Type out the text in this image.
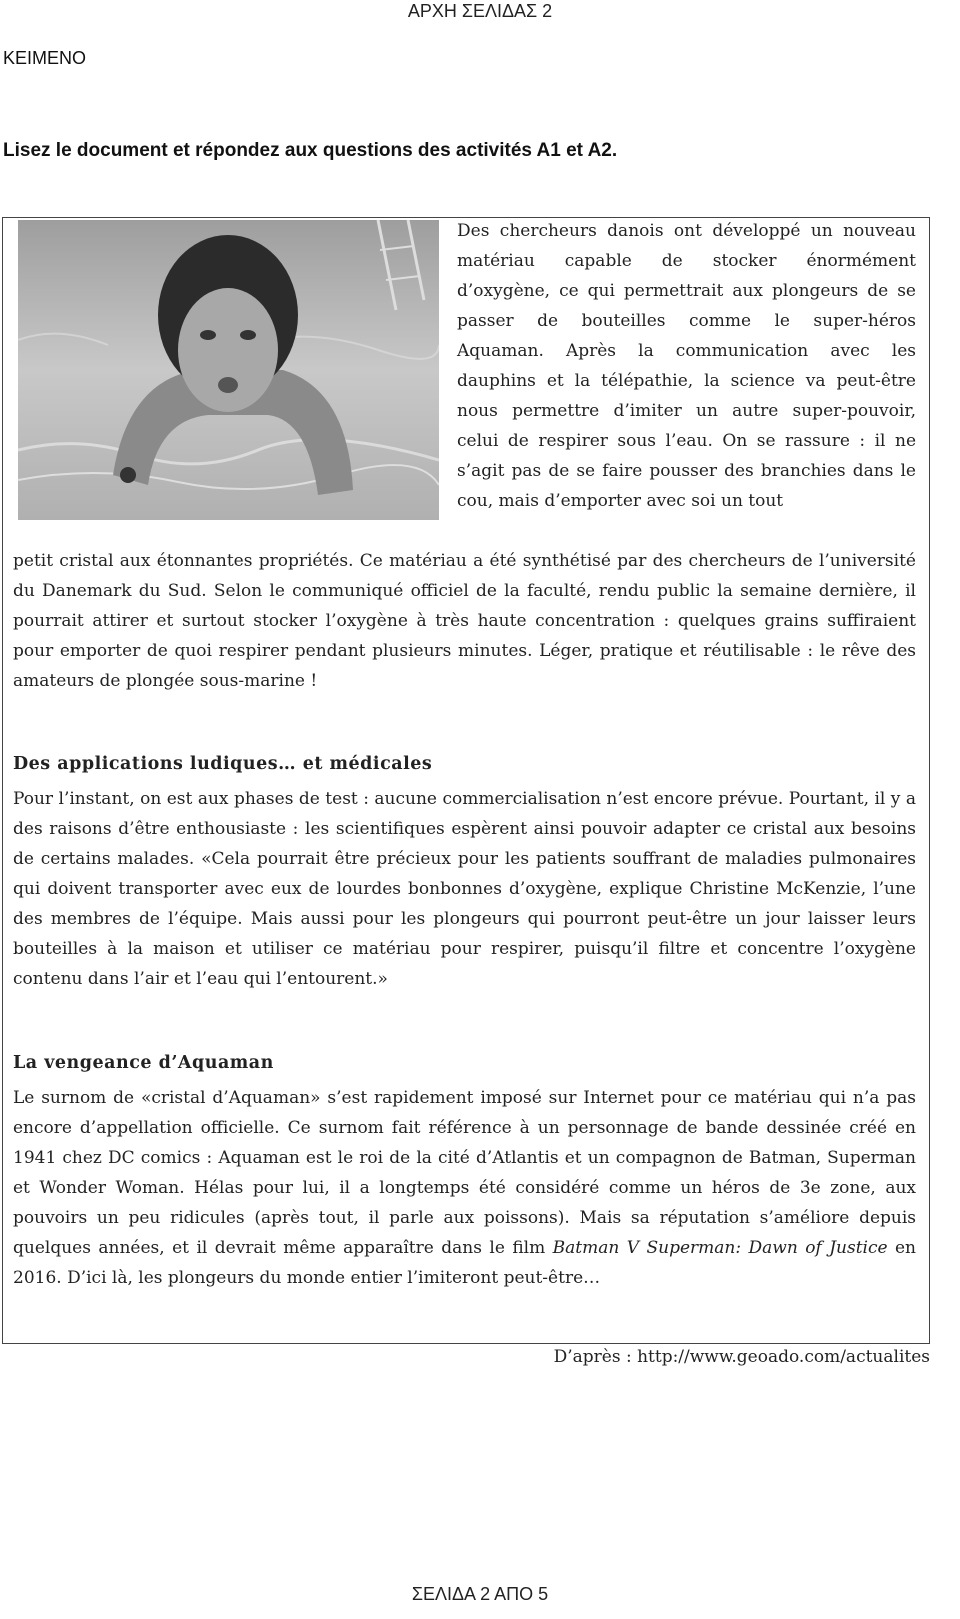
ΑΡΧΗ ΣΕΛΙΔΑΣ 2
ΚΕΙΜΕΝΟ
Lisez le document et répondez aux questions des activités A1 et A2.
Des chercheurs danois ont développé un nouveau matériau capable de stocker énormément d’oxygène, ce qui permettrait aux plongeurs de se passer de bouteilles comme le super-héros Aquaman. Après la communication avec les dauphins et la télépathie, la science va peut-être nous permettre d’imiter un autre super-pouvoir, celui de respirer sous l’eau. On se rassure : il ne s’agit pas de se faire pousser des branchies dans le cou, mais d’emporter avec soi un tout
petit cristal aux étonnantes propriétés. Ce matériau a été synthétisé par des chercheurs de l’université du Danemark du Sud. Selon le communiqué officiel de la faculté, rendu public la semaine dernière, il pourrait attirer et surtout stocker l’oxygène à très haute concentration : quelques grains suffiraient pour emporter de quoi respirer pendant plusieurs minutes. Léger, pratique et réutilisable : le rêve des amateurs de plongée sous-marine !
Des applications ludiques… et médicales
Pour l’instant, on est aux phases de test : aucune commercialisation n’est encore prévue. Pourtant, il y a des raisons d’être enthousiaste : les scientifiques espèrent ainsi pouvoir adapter ce cristal aux besoins de certains malades. «Cela pourrait être précieux pour les patients souffrant de maladies pulmonaires qui doivent transporter avec eux de lourdes bonbonnes d’oxygène, explique Christine McKenzie, l’une des membres de l’équipe. Mais aussi pour les plongeurs qui pourront peut-être un jour laisser leurs bouteilles à la maison et utiliser ce matériau pour respirer, puisqu’il filtre et concentre l’oxygène contenu dans l’air et l’eau qui l’entourent.»
La vengeance d’Aquaman
Le surnom de «cristal d’Aquaman» s’est rapidement imposé sur Internet pour ce matériau qui n’a pas encore d’appellation officielle. Ce surnom fait référence à un personnage de bande dessinée créé en 1941 chez DC comics : Aquaman est le roi de la cité d’Atlantis et un compagnon de Batman, Superman et Wonder Woman. Hélas pour lui, il a longtemps été considéré comme un héros de 3e zone, aux pouvoirs un peu ridicules (après tout, il parle aux poissons). Mais sa réputation s’améliore depuis quelques années, et il devrait même apparaître dans le film Batman V Superman: Dawn of Justice en 2016. D’ici là, les plongeurs du monde entier l’imiteront peut-être…
D’après : http://www.geoado.com/actualites
ΣΕΛΙΔΑ 2 ΑΠΟ 5
